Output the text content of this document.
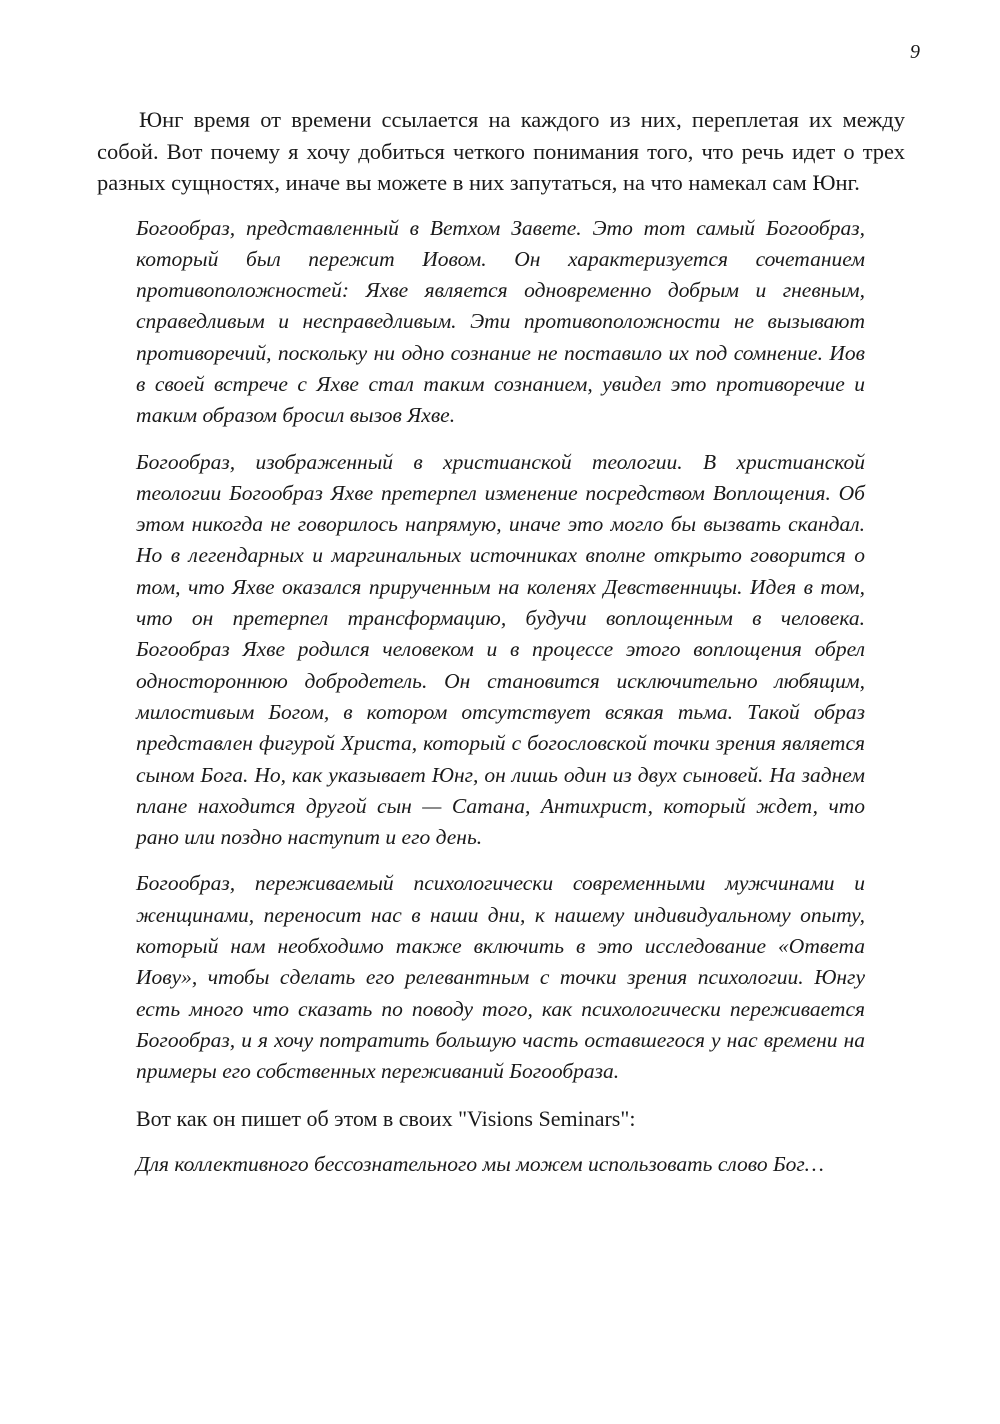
9

Юнг время от времени ссылается на каждого из них, переплетая их между собой. Вот почему я хочу добиться четкого понимания того, что речь идет о трех разных сущностях, иначе вы можете в них запутаться, на что намекал сам Юнг.

Богообраз, представленный в Ветхом Завете. Это тот самый Богообраз, который был пережит Иовом. Он характеризуется сочетанием противоположностей: Яхве является одновременно добрым и гневным, справедливым и несправедливым. Эти противоположности не вызывают противоречий, поскольку ни одно сознание не поставило их под сомнение. Иов в своей встрече с Яхве стал таким сознанием, увидел это противоречие и таким образом бросил вызов Яхве.

Богообраз, изображенный в христианской теологии. В христианской теологии Богообраз Яхве претерпел изменение посредством Воплощения. Об этом никогда не говорилось напрямую, иначе это могло бы вызвать скандал. Но в легендарных и маргинальных источниках вполне открыто говорится о том, что Яхве оказался прирученным на коленях Девственницы. Идея в том, что он претерпел трансформацию, будучи воплощенным в человека. Богообраз Яхве родился человеком и в процессе этого воплощения обрел одностороннюю добродетель. Он становится исключительно любящим, милостивым Богом, в котором отсутствует всякая тьма. Такой образ представлен фигурой Христа, который с богословской точки зрения является сыном Бога. Но, как указывает Юнг, он лишь один из двух сыновей. На заднем плане находится другой сын — Сатана, Антихрист, который ждет, что рано или поздно наступит и его день.

Богообраз, переживаемый психологически современными мужчинами и женщинами, переносит нас в наши дни, к нашему индивидуальному опыту, который нам необходимо также включить в это исследование «Ответа Иову», чтобы сделать его релевантным с точки зрения психологии. Юнгу есть много что сказать по поводу того, как психологически переживается Богообраз, и я хочу потратить большую часть оставшегося у нас времени на примеры его собственных переживаний Богообраза.

Вот как он пишет об этом в своих "Visions Seminars":

Для коллективного бессознательного мы можем использовать слово Бог…
